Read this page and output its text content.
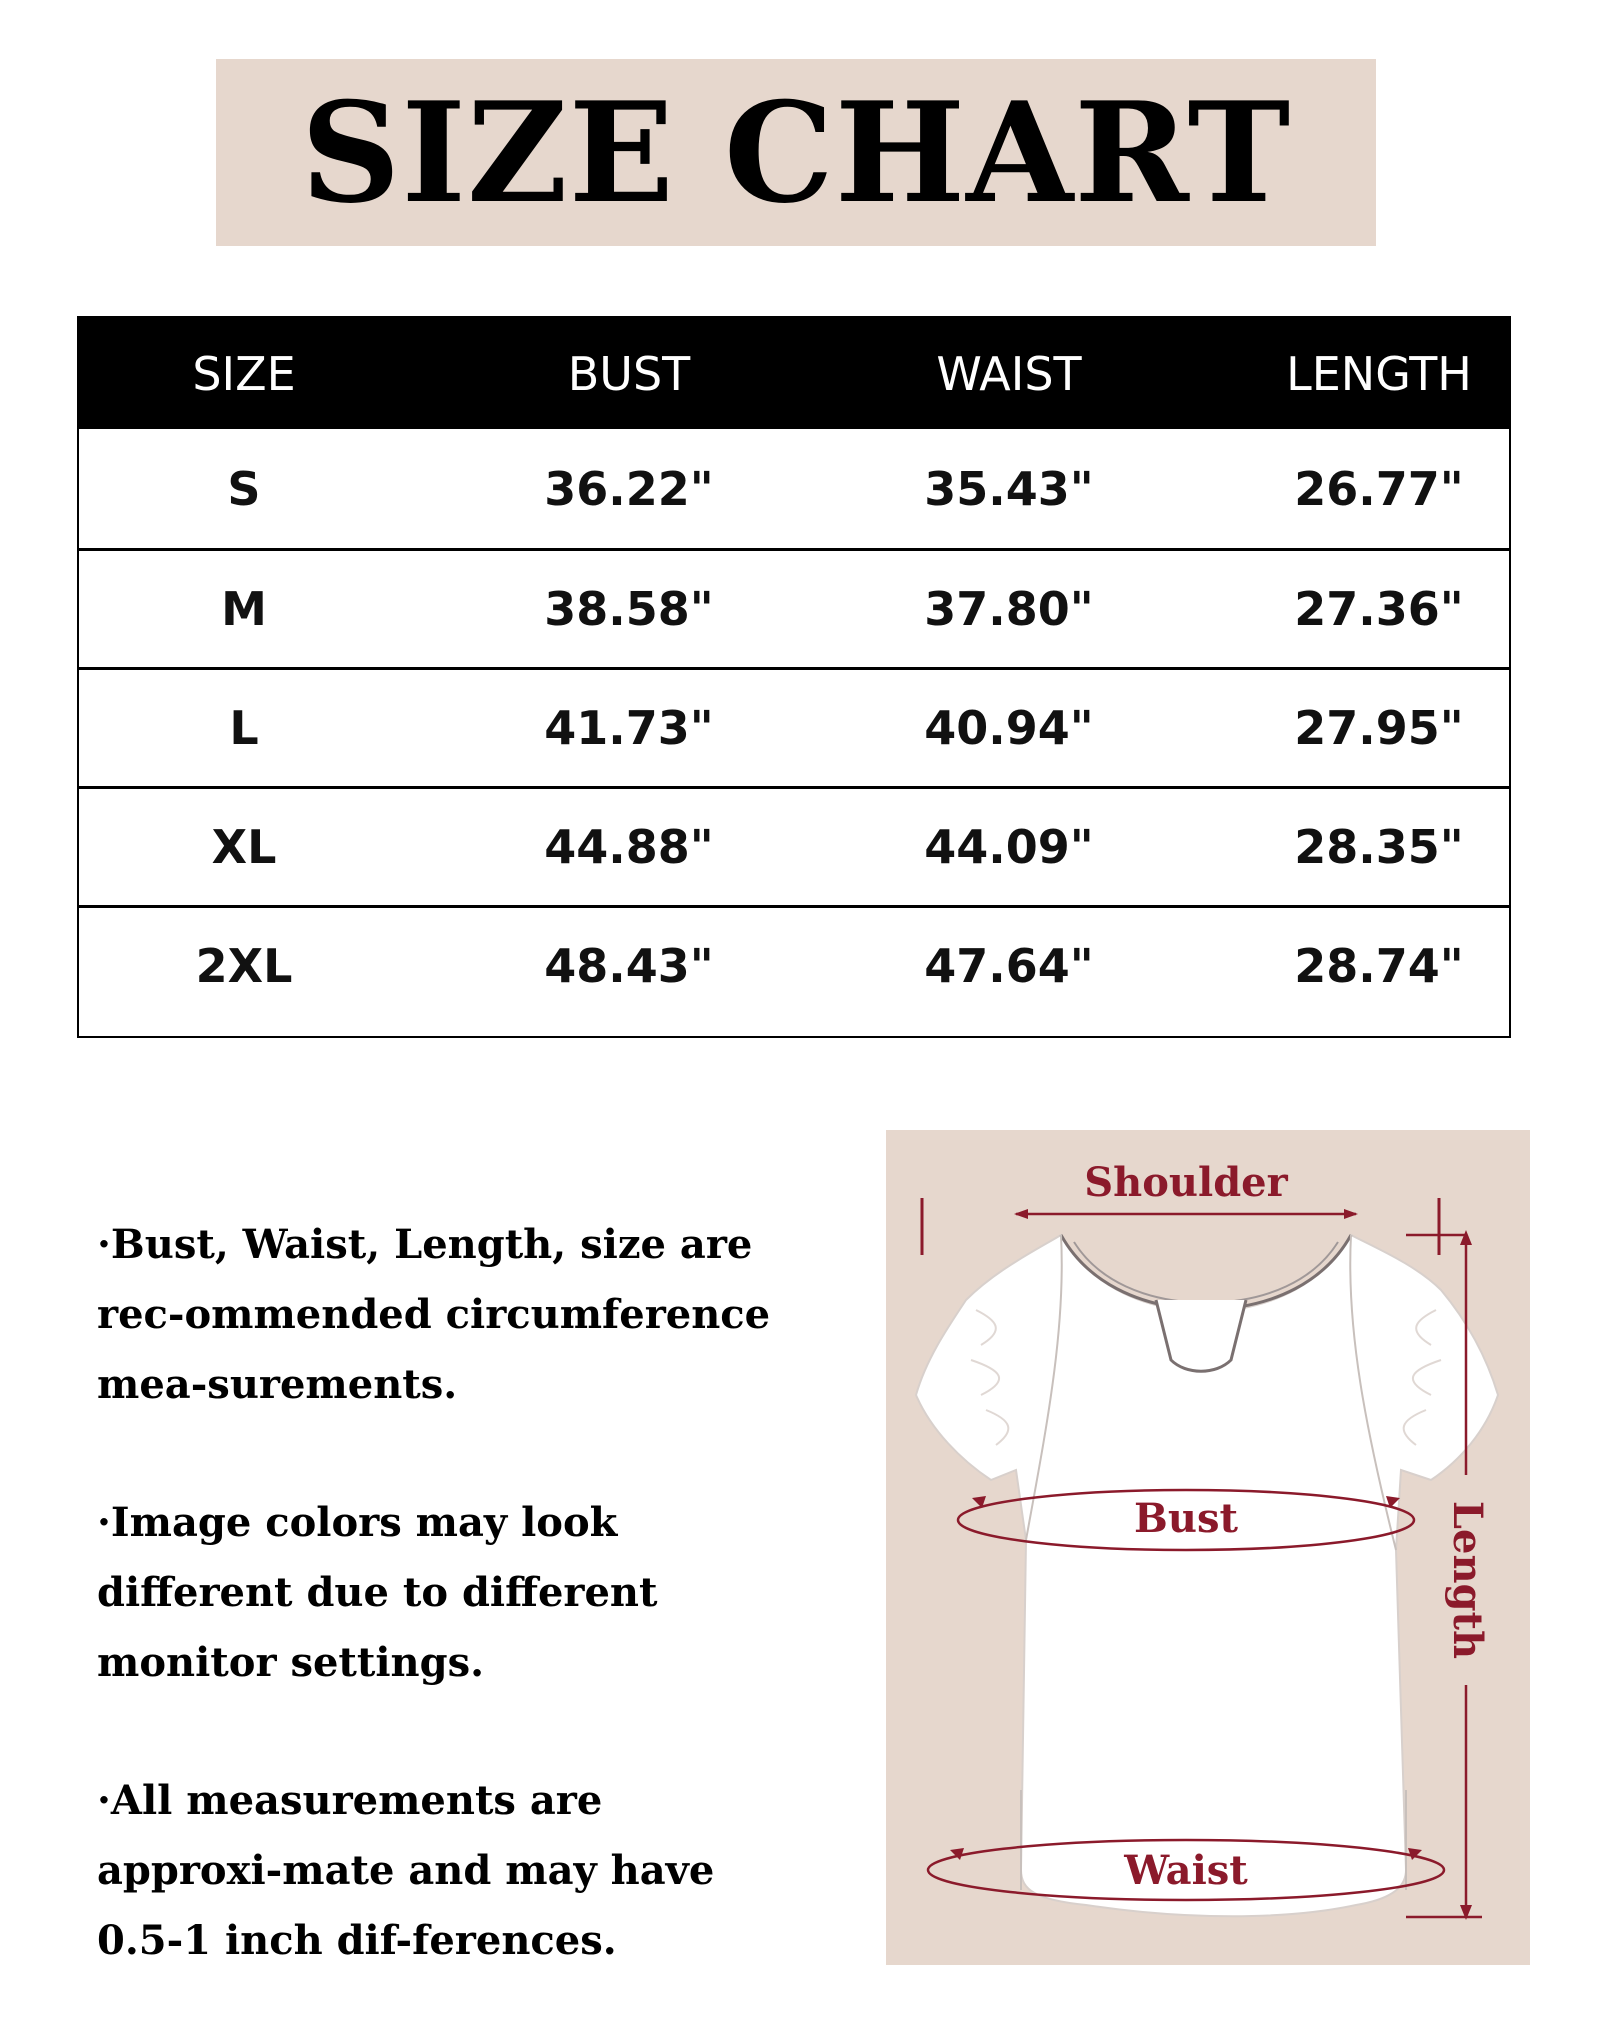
SIZE CHART
SIZE	BUST	WAIST	LENGTH
S	36.22"	35.43"	26.77"
M	38.58"	37.80"	27.36"
L	41.73"	40.94"	27.95"
XL	44.88"	44.09"	28.35"
2XL	48.43"	47.64"	28.74"

·Bust, Waist, Length, size are rec-ommended circumference mea-surements.

·Image colors may look different due to different monitor settings.

·All measurements are approxi-mate and may have 0.5-1 inch dif-ferences.

Shoulder
Length
Bust
Waist
